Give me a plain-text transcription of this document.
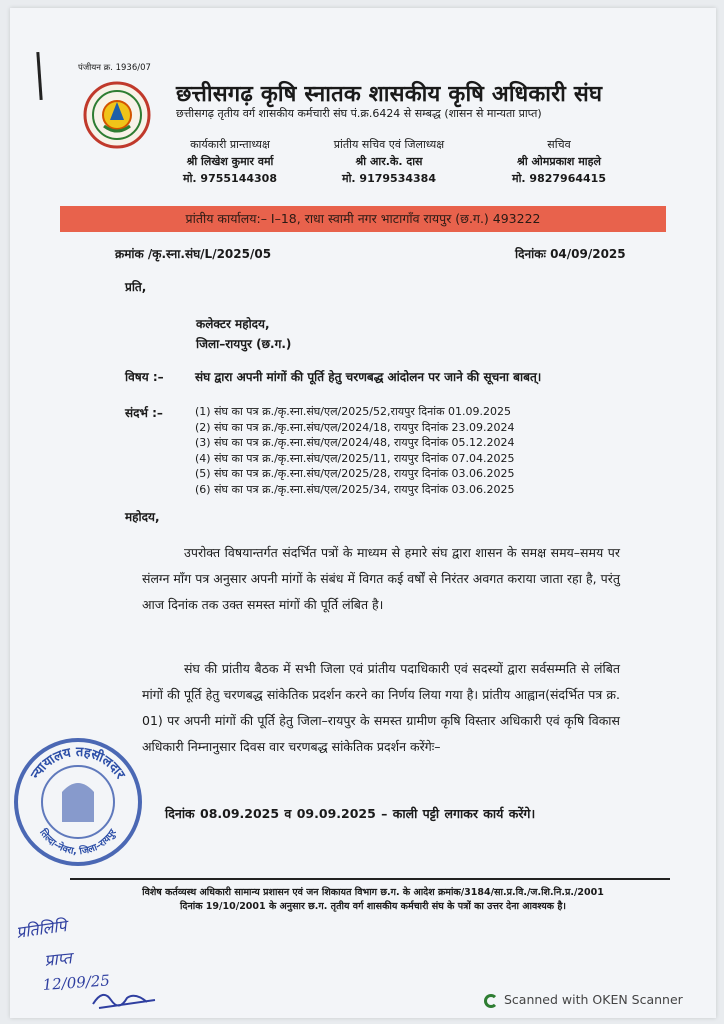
पंजीयन क्र. 1936/07
छत्तीसगढ़ कृषि स्नातक शासकीय कृषि अधिकारी संघ
छत्तीसगढ़ तृतीय वर्ग शासकीय कर्मचारी संघ पं.क्र.6424 से सम्बद्ध (शासन से मान्यता प्राप्त)
कार्यकारी प्रान्ताध्यक्ष
श्री लिखेश कुमार वर्मा
मो. 9755144308
प्रांतीय सचिव एवं जिलाध्यक्ष
श्री आर.के. दास
मो. 9179534384
सचिव
श्री ओमप्रकाश माहले
मो. 9827964415
प्रांतीय कार्यालय:– I–18, राधा स्वामी नगर भाटागाँव रायपुर (छ.ग.) 493222
क्रमांक /कृ.स्ना.संघ/L/2025/05	दिनांकः 04/09/2025
प्रति,
कलेक्टर महोदय,
जिला–रायपुर (छ.ग.)
विषय :–	संघ द्वारा अपनी मांगों की पूर्ति हेतु चरणबद्ध आंदोलन पर जाने की सूचना बाबत्।
संदर्भ :–	(1) संघ का पत्र क्र./कृ.स्ना.संघ/एल/2025/52,रायपुर दिनांक 01.09.2025
(2) संघ का पत्र क्र./कृ.स्ना.संघ/एल/2024/18, रायपुर दिनांक 23.09.2024
(3) संघ का पत्र क्र./कृ.स्ना.संघ/एल/2024/48, रायपुर दिनांक 05.12.2024
(4) संघ का पत्र क्र./कृ.स्ना.संघ/एल/2025/11, रायपुर दिनांक 07.04.2025
(5) संघ का पत्र क्र./कृ.स्ना.संघ/एल/2025/28, रायपुर दिनांक 03.06.2025
(6) संघ का पत्र क्र./कृ.स्ना.संघ/एल/2025/34, रायपुर दिनांक 03.06.2025
महोदय,
उपरोक्त विषयान्तर्गत संदर्भित पत्रों के माध्यम से हमारे संघ द्वारा शासन के समक्ष समय–समय पर संलग्न माँग पत्र अनुसार अपनी मांगों के संबंध में विगत कई वर्षों से निरंतर अवगत कराया जाता रहा है, परंतु आज दिनांक तक उक्त समस्त मांगों की पूर्ति लंबित है।
संघ की प्रांतीय बैठक में सभी जिला एवं प्रांतीय पदाधिकारी एवं सदस्यों द्वारा सर्वसम्मति से लंबित मांगों की पूर्ति हेतु चरणबद्ध सांकेतिक प्रदर्शन करने का निर्णय लिया गया है। प्रांतीय आह्वान(संदर्भित पत्र क्र. 01) पर अपनी मांगों की पूर्ति हेतु जिला–रायपुर के समस्त ग्रामीण कृषि विस्तार अधिकारी एवं कृषि विकास अधिकारी निम्नानुसार दिवस वार चरणबद्ध सांकेतिक प्रदर्शन करेंगेः–
दिनांक 08.09.2025 व 09.09.2025 – काली पट्टी लगाकर कार्य करेंगे।
न्यायालय तहसीलदार
तिल्दा–नेवरा, जिला–रायपुर
विशेष कर्तव्यस्थ अधिकारी सामान्य प्रशासन एवं जन शिकायत विभाग छ.ग. के आदेश क्रमांक/3184/सा.प्र.वि./ज.शि.नि.प्र./2001
दिनांक 19/10/2001 के अनुसार छ.ग. तृतीय वर्ग शासकीय कर्मचारी संघ के पत्रों का उत्तर देना आवश्यक है।
प्रतिलिपि
प्राप्त
12/09/25
Scanned with OKEN Scanner
